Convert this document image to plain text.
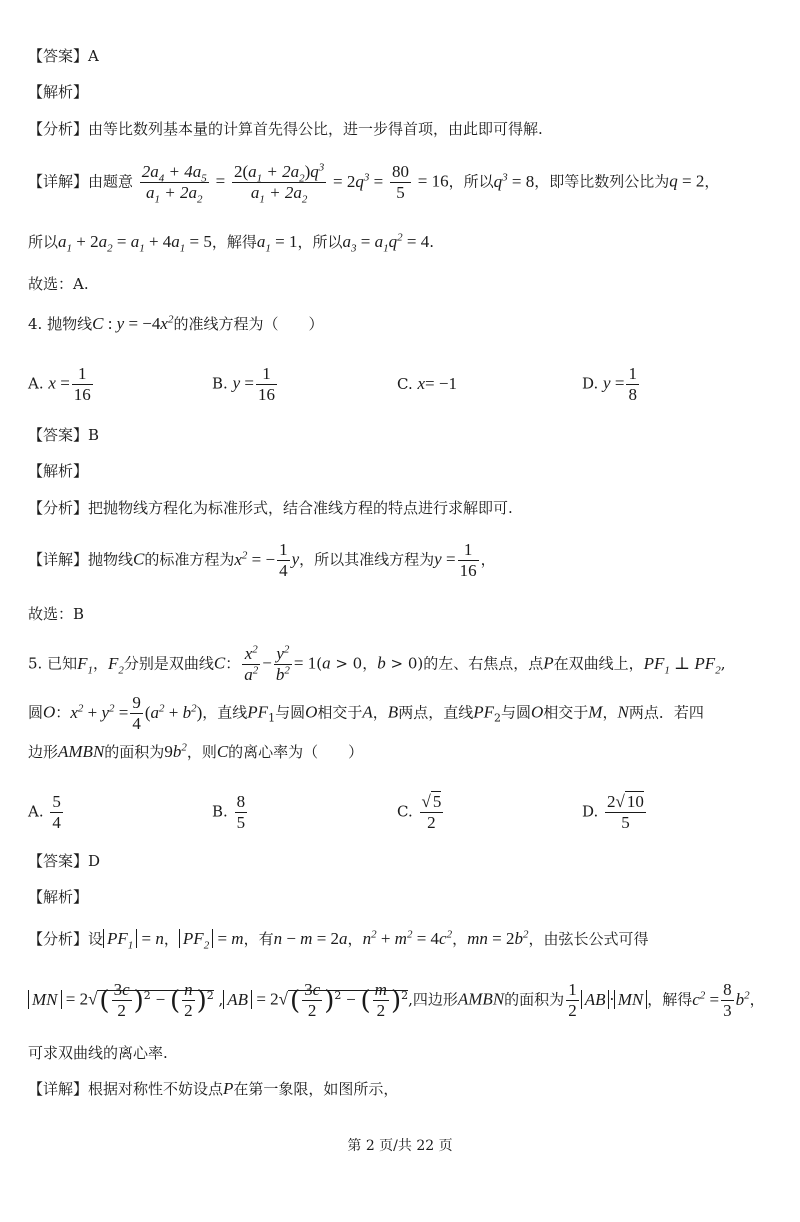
【答案】A
【解析】
【分析】由等比数列基本量的计算首先得公比，进一步得首项，由此即可得解.
【详解】由题意 $\frac{2a_4 + 4a_5}{a_1 + 2a_2} = \frac{2(a_1 + 2a_2)q^3}{a_1 + 2a_2} = 2q^3 = \frac{80}{5} = 16$，所以$q^3 = 8$，即等比数列公比为q = 2，
所以$a_1 + 2a_2 = a_1 + 4a_1 = 5$，解得$a_1 = 1$，所以$a_3 = a_1q^2 = 4$.
故选：A.
4. 抛物线C : $y = -4x^2$的准线方程为（　　）
A. $x = \frac{1}{16}$	B. $y = \frac{1}{16}$	C. x= −1	D. $y = \frac{1}{8}$
【答案】B
【解析】
【分析】把抛物线方程化为标准形式，结合准线方程的特点进行求解即可.
【详解】抛物线C的标准方程为$x^2$ = − $\frac{1}{4}$ y，所以其准线方程为$y = \frac{1}{16}$ ，
故选：B
5. 已知$F_1$，$F_2$分别是双曲线C： $\frac{x^2}{a^2} - \frac{y^2}{b^2} = 1(a > 0$，b > 0)的左、右焦点，点P在双曲线上，$PF_1$ ⊥ $PF_2$,
圆O：$x^2 + y^2 = \frac{9}{4} (a^2 + b^2)$，直线$PF_1$与圆O相交于A，B两点，直线$PF_2$与圆O相交于M，N两点．若四
边形AMBN的面积为$9b^2$，则C的离心率为（　　）
A. $\frac{5}{4}$	B. $\frac{8}{5}$	C. $\frac{√ 5}{2}$	D. $\frac{2√ 10}{5}$
【答案】D
【解析】
【分析】设 $PF_1 = n$， $PF_2 = m$，有n − m = 2a，$n^2 + m^2 = 4c^2$，mn = $2b^2$，由弦长公式可得
MN = $2√( \frac{3c}{2} )^2$ − ( $\frac{n}{2} )^2$ , AB = $2√( \frac{3c}{2} )^2$ − ( $\frac{m}{2} )^2$,四边形AMBN的面积为 $\frac{1}{2}$ AB · MN ，解得$c^2 = \frac{8}{3} b^2$，
可求双曲线的离心率.
【详解】根据对称性不妨设点P在第一象限，如图所示，
第 2 页/共 22 页
